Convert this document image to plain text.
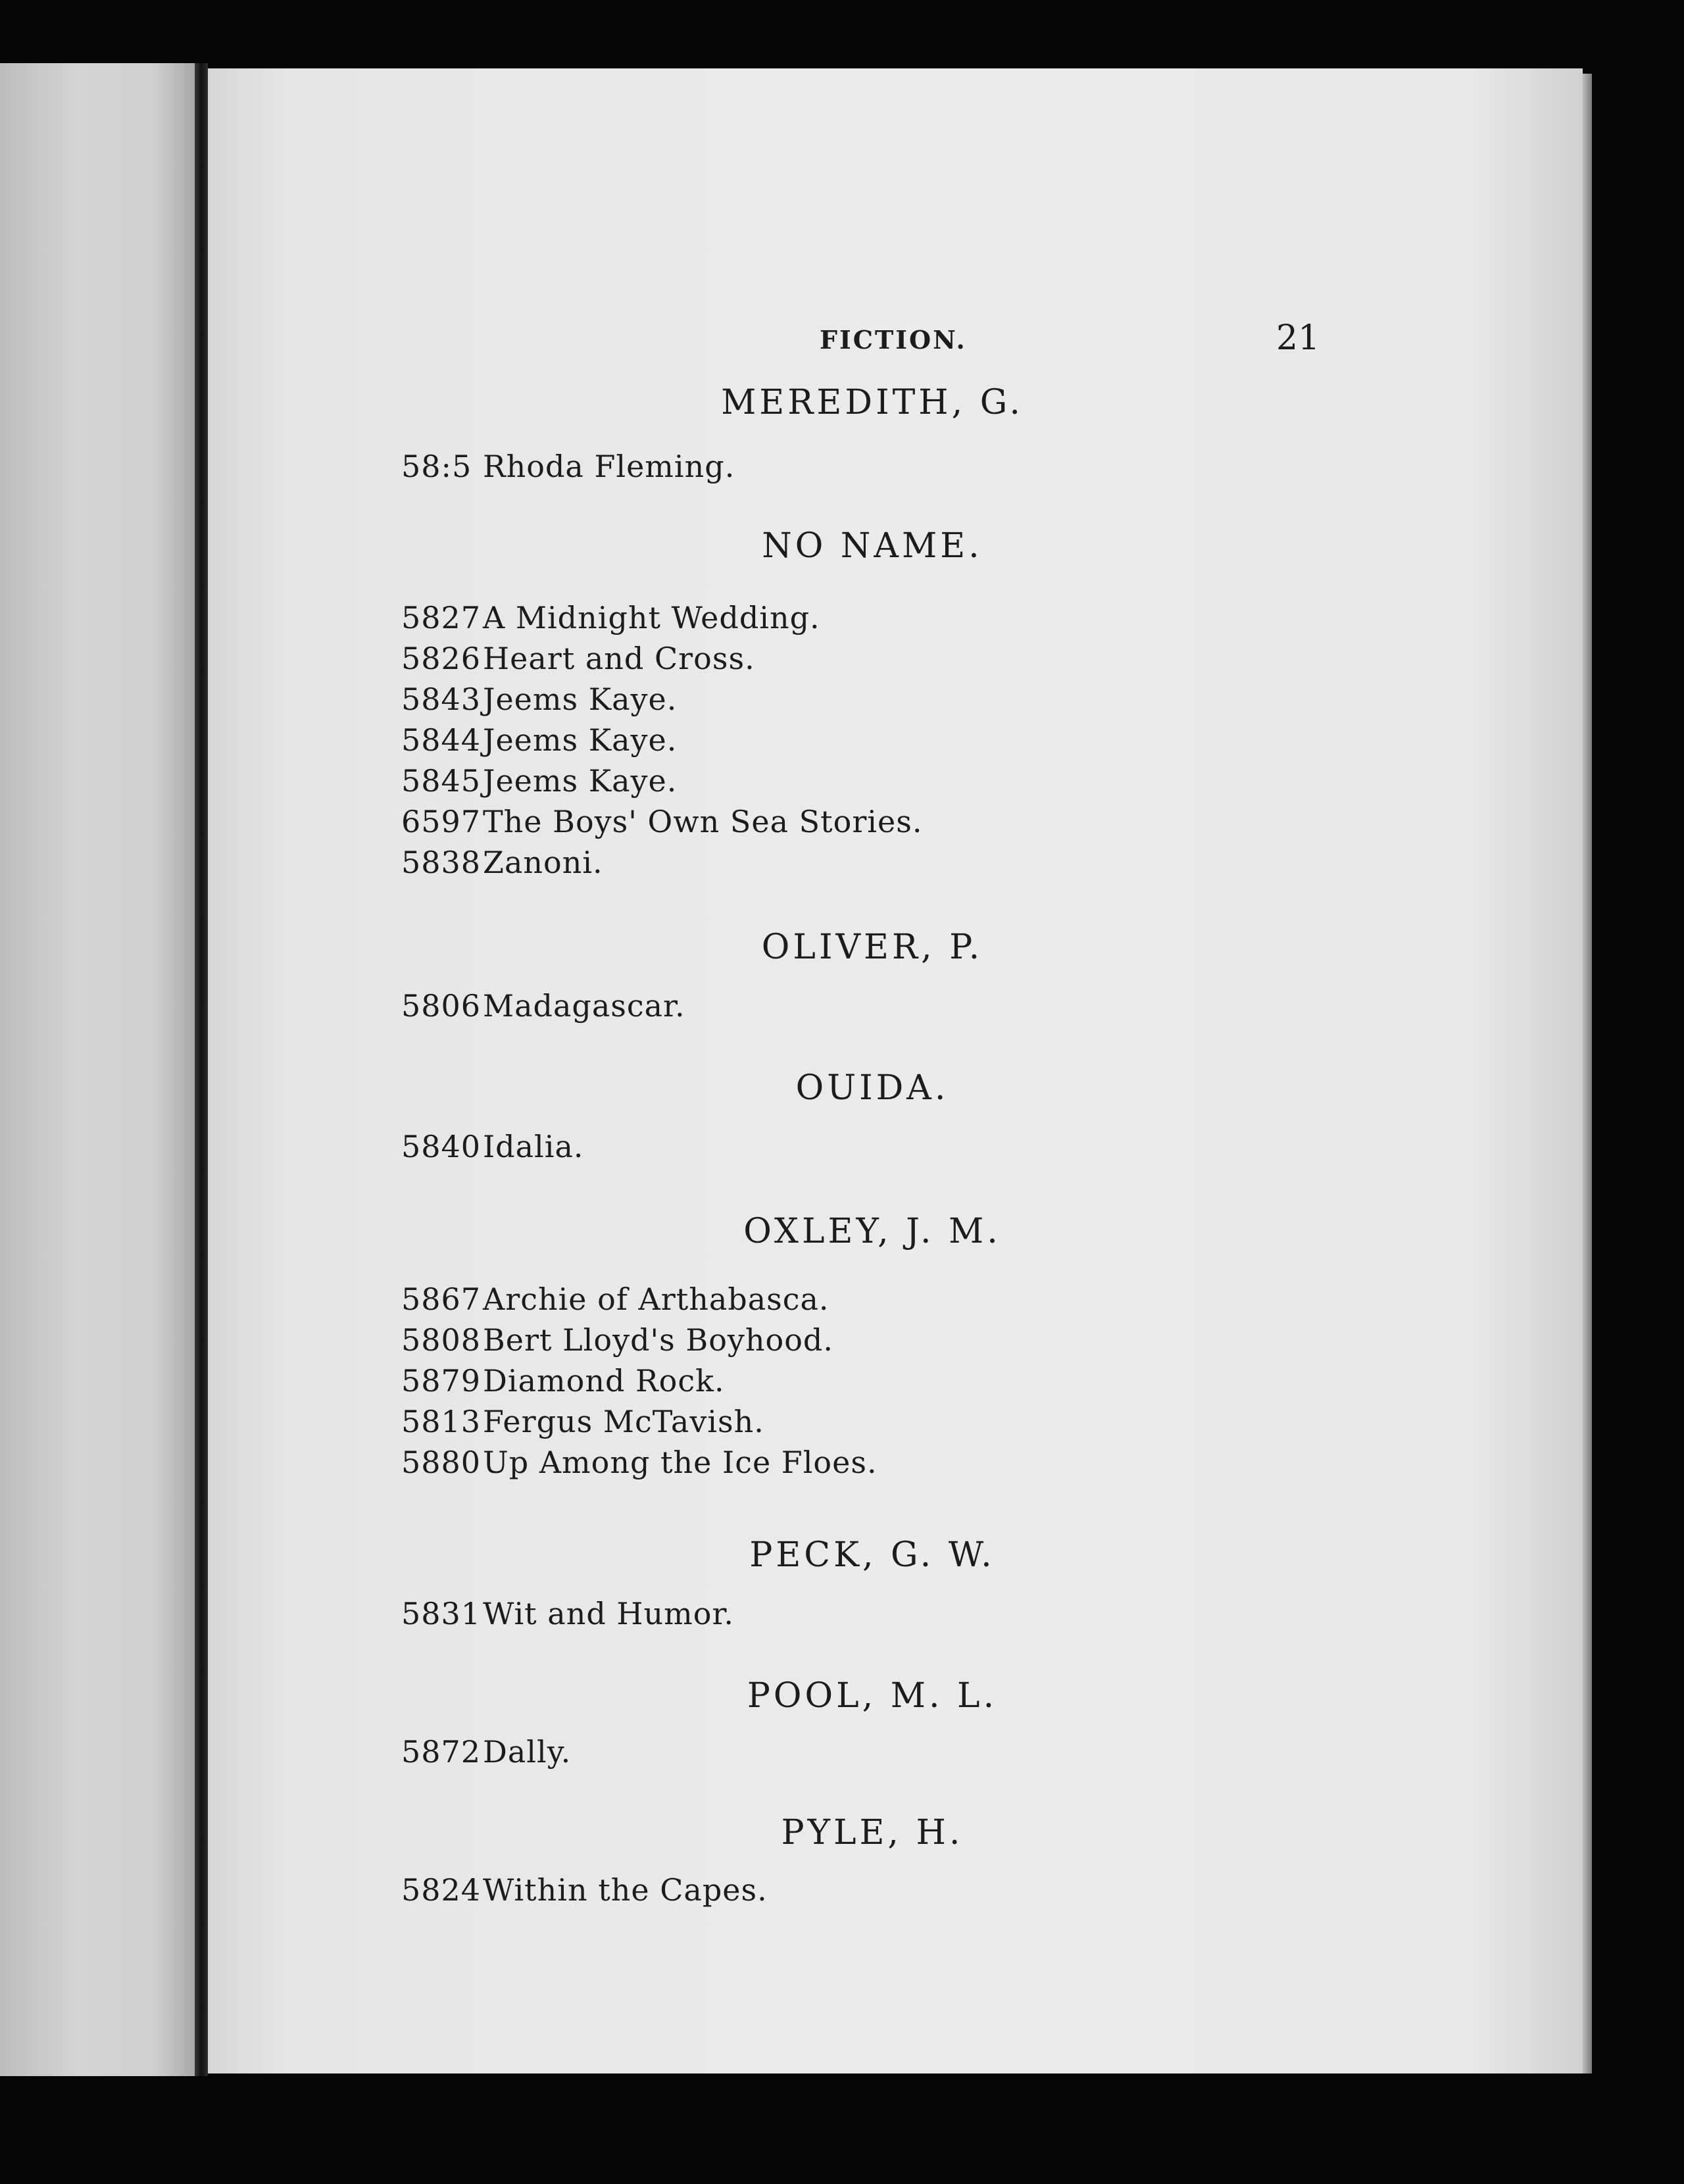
FICTION.	21
MEREDITH, G.
58:5 Rhoda Fleming.
NO NAME.
5827A Midnight Wedding.
5826Heart and Cross.
5843Jeems Kaye.
5844Jeems Kaye.
5845Jeems Kaye.
6597The Boys' Own Sea Stories.
5838Zanoni.
OLIVER, P.
5806Madagascar.
OUIDA.
5840Idalia.
OXLEY, J. M.
5867Archie of Arthabasca.
5808Bert Lloyd's Boyhood.
5879Diamond Rock.
5813Fergus McTavish.
5880Up Among the Ice Floes.
PECK, G. W.
5831Wit and Humor.
POOL, M. L.
5872Dally.
PYLE, H.
5824Within the Capes.
